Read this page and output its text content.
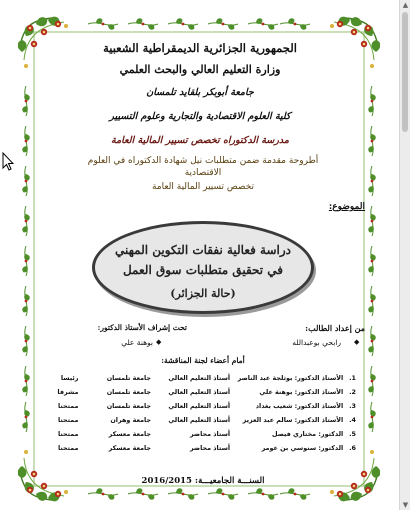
الجمهورية الجزائرية الديمقراطية الشعبية
وزارة التعليم العالي والبحث العلمي
جامعة أبوبكر بلقايد تلمسان
كلية العلوم الاقتصادية والتجارية وعلوم التسيير
مدرسة الدكتوراه تخصص تسيير المالية العامة
أطروحة مقدمة ضمن متطلبات نيل شهادة الدكتوراه في العلوم
الاقتصادية
تخصص تسيير المالية العامة
الموضوع:
دراسة فعالية نفقات التكوين المهني
في تحقيق متطلبات سوق العمل
(حالة الجزائر)
من إعداد الطالب:
◆
رابحي بوعبدالله
تحت إشراف الأستاذ الدكتور:
◆
بوهنة علي
أمام أعضاء لجنة المناقشة:
1.	الأستاذ الدكتور: بوثلجة عبد الناصر	أستاذ التعليم العالي	جامعة تلمسان	رئيسا
2.	الأستاذ الدكتور: بوهنة علي	أستاذ التعليم العالي	جامعة تلمسان	مشرفا
3.	الأستاذ الدكتور: شعيب بغداد	أستاذ التعليم العالي	جامعة تلمسان	ممتحنا
4.	الأستاذ الدكتور: سالم عبد العزيز	أستاذ التعليم العالي	جامعة وهران	ممتحنا
5.	الدكتور: مختاري فيصل	أستاذ محاضر	جامعة معسكر	ممتحنا
6.	الدكتور: سنوسي بن عومر	أستاذ محاضر	جامعة معسكر	ممتحنا
السنـــة الجامعيـــة: 2016/2015
▲
▼
